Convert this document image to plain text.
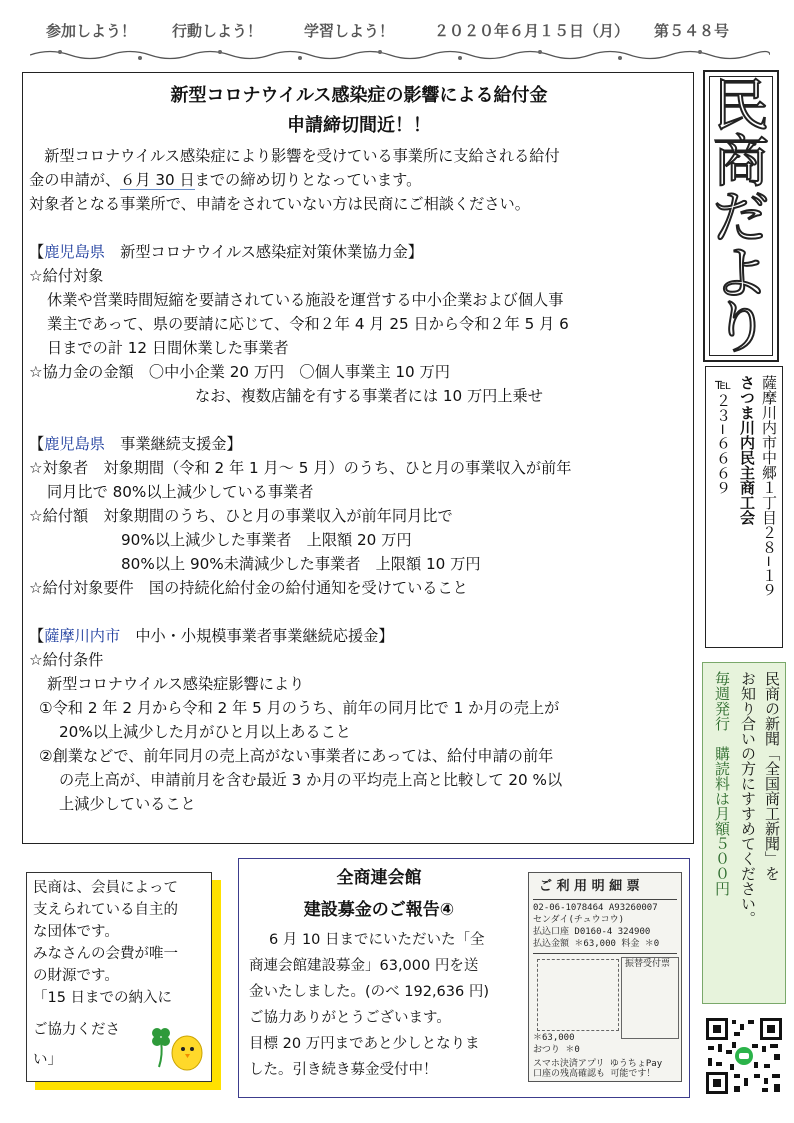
参加しよう！ 行動しよう！	学習しよう！	２０２０年６月１５日（月） 第５４８号
新型コロナウイルス感染症の影響による給付金
申請締切間近！！
　新型コロナウイルス感染症により影響を受けている事業所に支給される給付
金の申請が、６月 30 日までの締め切りとなっています。
対象者となる事業所で、申請をされていない方は民商にご相談ください。
【鹿児島県　 新型コロナウイルス感染症対策休業協力金】
☆給付対象
休業や営業時間短縮を要請されている施設を運営する中小企業および個人事
業主であって、県の要請に応じて、令和２年 4 月 25 日から令和２年 5 月 6
日までの計 12 日間休業した事業者
☆協力金の金額　〇中小企業 20 万円　〇個人事業主 10 万円
なお、複数店舗を有する事業者には 10 万円上乗せ
【鹿児島県　 事業継続支援金】
☆対象者　対象期間（令和 2 年 1 月～ 5 月）のうち、ひと月の事業収入が前年
同月比で 80%以上減少している事業者
☆給付額　対象期間のうち、ひと月の事業収入が前年同月比で
90%以上減少した事業者　上限額 20 万円
80%以上 90%未満減少した事業者　上限額 10 万円
☆給付対象要件　国の持続化給付金の給付通知を受けていること
【薩摩川内市　 中小・小規模事業者事業継続応援金】
☆給付条件
新型コロナウイルス感染症影響により
①令和 2 年 2 月から令和 2 年 5 月のうち、前年の同月比で 1 か月の売上が
20%以上減少した月がひと月以上あること
②創業などで、前年同月の売上高がない事業者にあっては、給付申請の前年
の売上高が、申請前月を含む最近 3 か月の平均売上高と比較して 20 %以
上減少していること
民
商
だ
よ
り
薩摩川内市中郷１丁目２８−１９
さつま川内民主商工会
℡２３−６６６９
民商の新聞「全国商工新聞」を
お知り合いの方にすすめてください。
毎週発行　購読料は月額５００円
民商は、会員によって
支えられている自主的
な団体です。
みなさんの会費が唯一
の財源です。
「15 日までの納入に
ご協力くださ
い」
全商連会館
建設募金のご報告④
6 月 10 日までにいただいた「全
商連会館建設募金」63,000 円を送
金いたしました。(のべ 192,636 円)
ご協力ありがとうございます。
目標 20 万円まであと少しとなりま
した。引き続き募金受付中！
ご 利 用 明 細 票
02-06-1078464 A93260007
センダイ(チュウコウ)
払込口座 D0160-4 324900
払込金額 ＊63,000 料金 ＊0
振替受付票
＊63,000
おつり ＊0
スマホ決済アプリ ゆうちょPay
口座の残高確認も 可能です！
